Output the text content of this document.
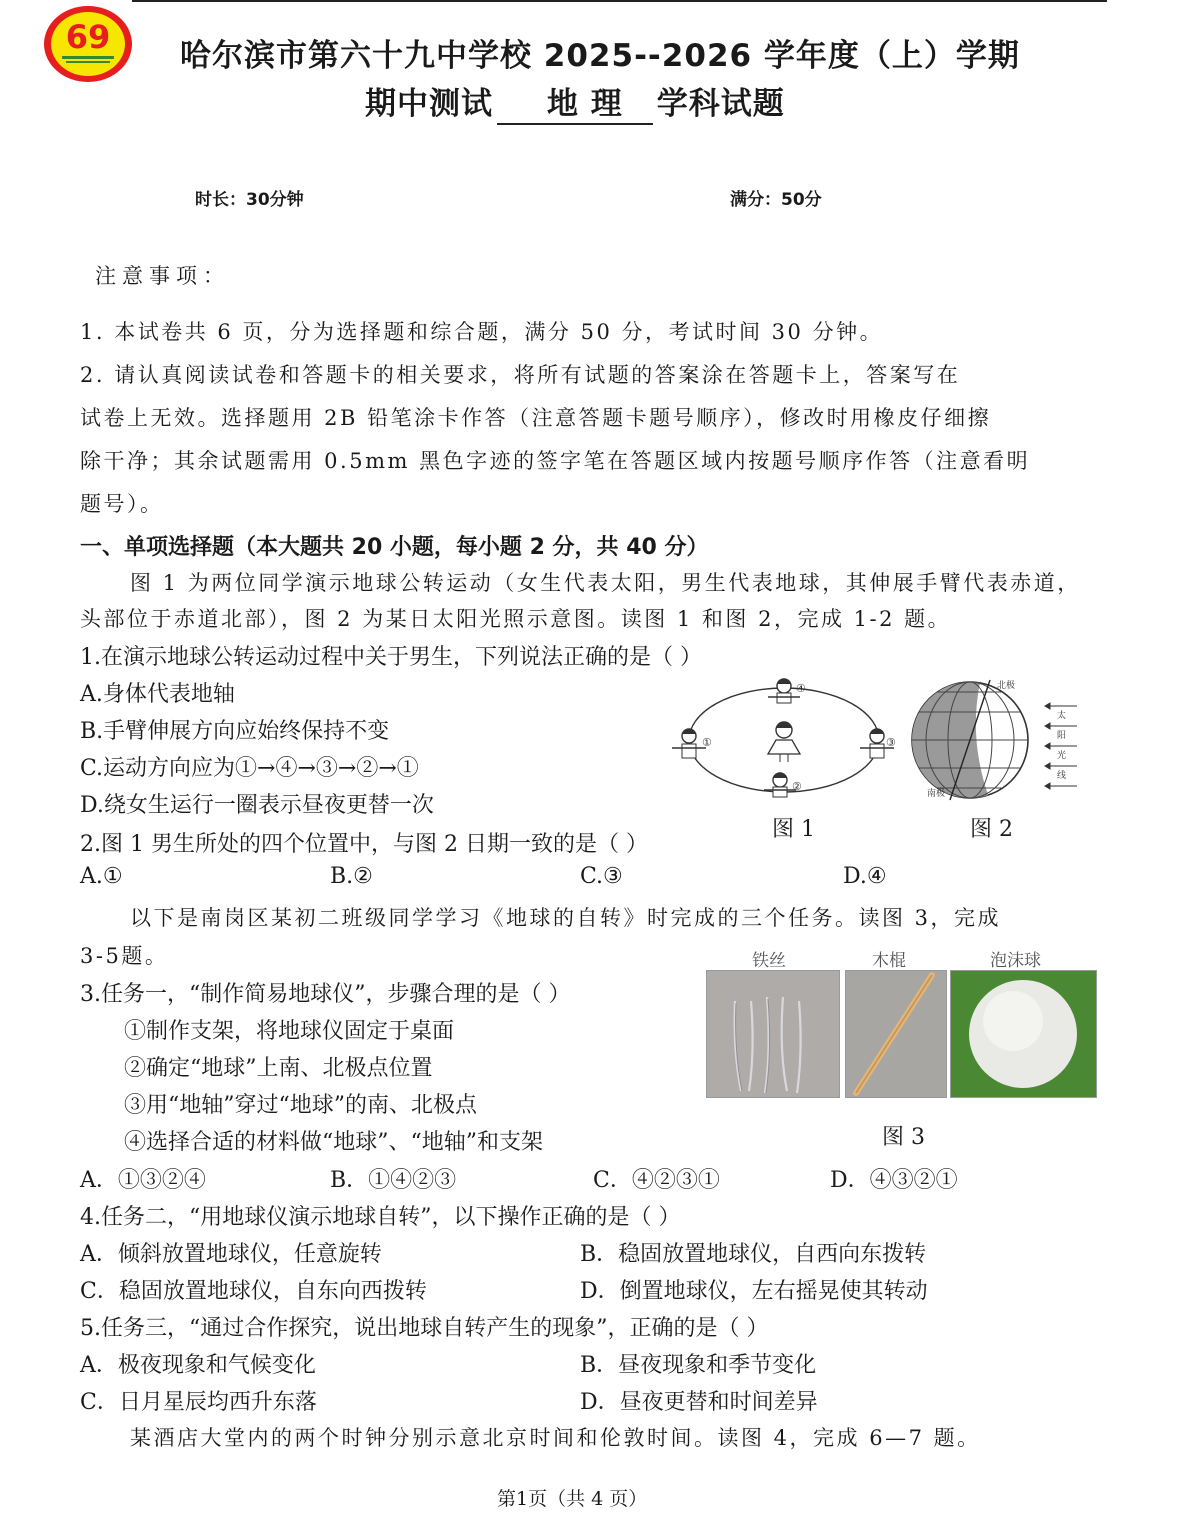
69 哈尔滨市第六十九中学校 2025--2026 学年度（上）学期
期中测试 地 理 学科试题
时长：30分钟	满分：50分
注意事项：
1. 本试卷共 6 页，分为选择题和综合题，满分 50 分，考试时间 30 分钟。
2. 请认真阅读试卷和答题卡的相关要求，将所有试题的答案涂在答题卡上，答案写在
试卷上无效。选择题用 2B 铅笔涂卡作答（注意答题卡题号顺序），修改时用橡皮仔细擦
除干净；其余试题需用 0.5mm 黑色字迹的签字笔在答题区域内按题号顺序作答（注意看明
题号）。
一、单项选择题（本大题共 20 小题，每小题 2 分，共 40 分）
图 1 为两位同学演示地球公转运动（女生代表太阳，男生代表地球，其伸展手臂代表赤道，
头部位于赤道北部），图 2 为某日太阳光照示意图。读图 1 和图 2，完成 1-2 题。
1.在演示地球公转运动过程中关于男生，下列说法正确的是（ ）
A.身体代表地轴
B.手臂伸展方向应始终保持不变
C.运动方向应为①→④→③→②→①
D.绕女生运行一圈表示昼夜更替一次
①	③
④
②
图 1
北极
南极
太
阳
光
线
图 2
2.图 1 男生所处的四个位置中，与图 2 日期一致的是（ ）
A.①	B.②	C.③	D.④
以下是南岗区某初二班级同学学习《地球的自转》时完成的三个任务。读图 3，完成
3-5题。	铁丝	木棍	泡沫球
图 3
3.任务一，“制作简易地球仪”，步骤合理的是（ ）
①制作支架，将地球仪固定于桌面
②确定“地球”上南、北极点位置
③用“地轴”穿过“地球”的南、北极点
④选择合适的材料做“地球”、“地轴”和支架
A．①③②④	B．①④②③	C．④②③①	D．④③②①
4.任务二，“用地球仪演示地球自转”，以下操作正确的是（ ）
A．倾斜放置地球仪，任意旋转	B．稳固放置地球仪，自西向东拨转
C．稳固放置地球仪，自东向西拨转	D．倒置地球仪，左右摇晃使其转动
5.任务三，“通过合作探究，说出地球自转产生的现象”，正确的是（ ）
A．极夜现象和气候变化	B．昼夜现象和季节变化
C．日月星辰均西升东落	D．昼夜更替和时间差异
某酒店大堂内的两个时钟分别示意北京时间和伦敦时间。读图 4，完成 6—7 题。
第1页（共 4 页）
